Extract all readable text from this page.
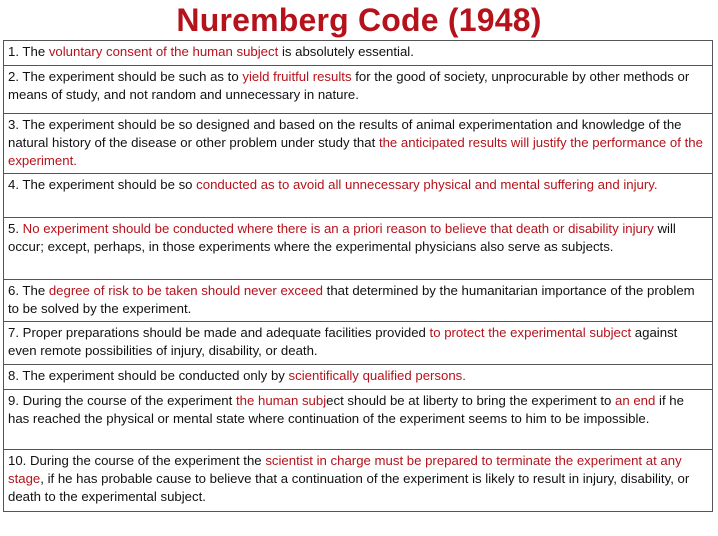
Nuremberg Code (1948)
1. The voluntary consent of the human subject is absolutely essential.
2. The experiment should be such as to yield fruitful results for the good of society, unprocurable by other methods or means of study, and not random and unnecessary in nature.
3. The experiment should be so designed and based on the results of animal experimentation and knowledge of the natural history of the disease or other problem under study that the anticipated results will justify the performance of the experiment.
4. The experiment should be so conducted as to avoid all unnecessary physical and mental suffering and injury.
5. No experiment should be conducted where there is an a priori reason to believe that death or disability injury will occur; except, perhaps, in those experiments where the experimental physicians also serve as subjects.
6. The degree of risk to be taken should never exceed that determined by the humanitarian importance of the problem to be solved by the experiment.
7. Proper preparations should be made and adequate facilities provided to protect the experimental subject against even remote possibilities of injury, disability, or death.
8. The experiment should be conducted only by scientifically qualified persons.
9. During the course of the experiment the human subject should be at liberty to bring the experiment to an end if he has reached the physical or mental state where continuation of the experiment seems to him to be impossible.
10. During the course of the experiment the scientist in charge must be prepared to terminate the experiment at any stage, if he has probable cause to believe that a continuation of the experiment is likely to result in injury, disability, or death to the experimental subject.
